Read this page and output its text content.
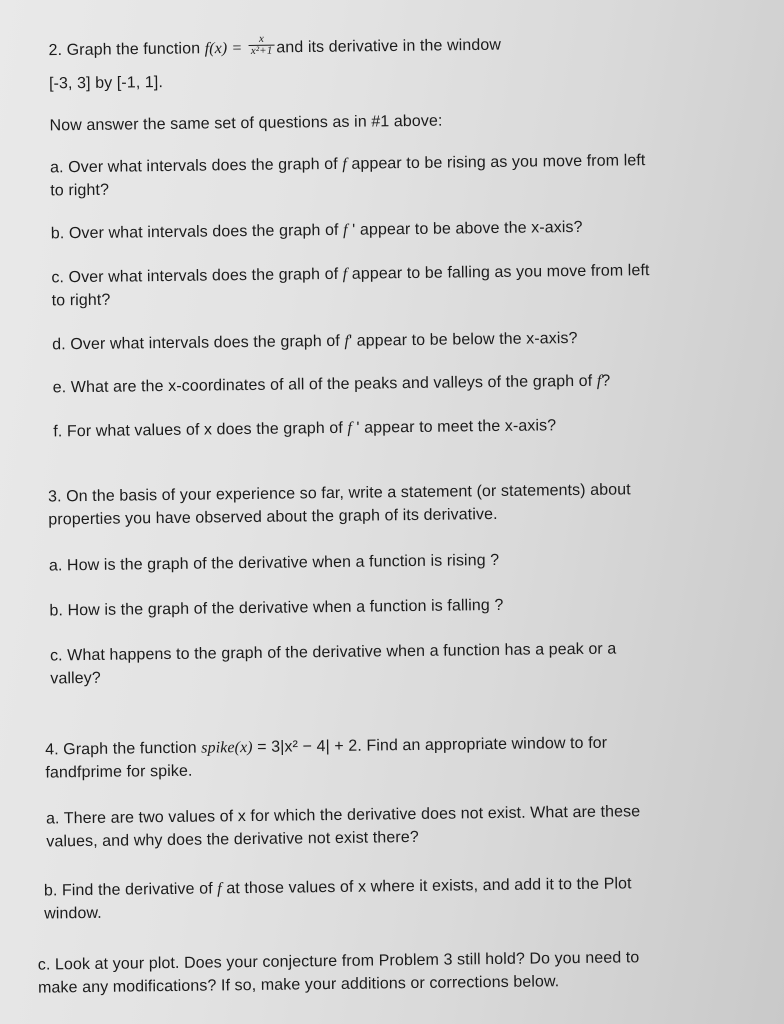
2. Graph the function $f(x) = \frac{x}{\text{x²+1}}$ and its derivative in the window
[-3, 3] by [-1, 1].
Now answer the same set of questions as in #1 above:
a. Over what intervals does the graph of f appear to be rising as you move from left
to right?
b. Over what intervals does the graph of f ' appear to be above the x-axis?
c. Over what intervals does the graph of f appear to be falling as you move from left
to right?
d. Over what intervals does the graph of f' appear to be below the x-axis?
e. What are the x-coordinates of all of the peaks and valleys of the graph of f?
f. For what values of x does the graph of f ' appear to meet the x-axis?
3. On the basis of your experience so far, write a statement (or statements) about
properties you have observed about the graph of its derivative.
a. How is the graph of the derivative when a function is rising ?
b. How is the graph of the derivative when a function is falling ?
c. What happens to the graph of the derivative when a function has a peak or a
valley?
4. Graph the function spike(x) = 3|x² − 4| + 2. Find an appropriate window to for
fandfprime for spike.
a. There are two values of x for which the derivative does not exist. What are these
values, and why does the derivative not exist there?
b. Find the derivative of f at those values of x where it exists, and add it to the Plot
window.
c. Look at your plot. Does your conjecture from Problem 3 still hold? Do you need to
make any modifications? If so, make your additions or corrections below.
